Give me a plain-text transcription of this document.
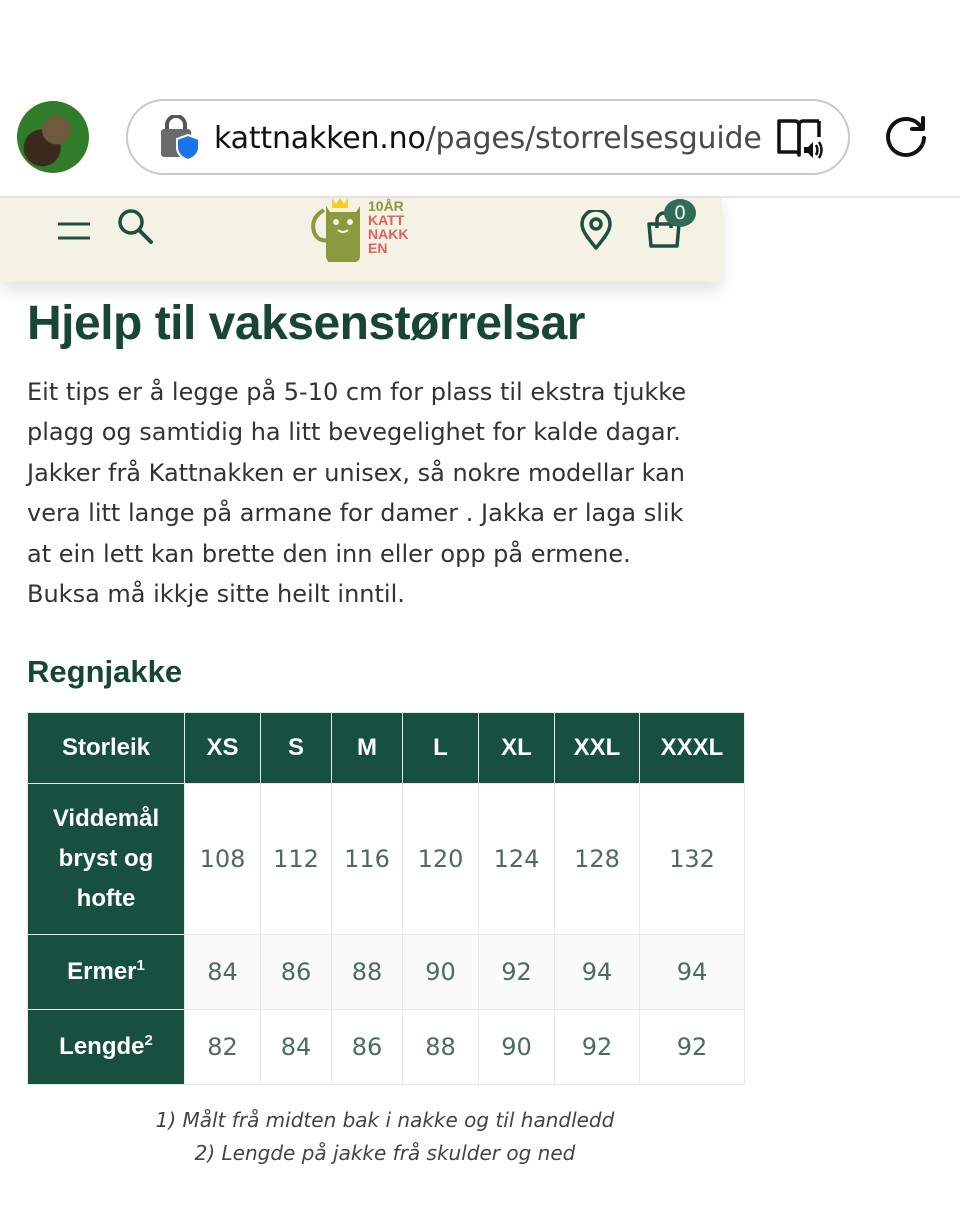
kattnakken.no/pages/storrelsesguide
10ÅR
KATT
NAKK
EN
0
Hjelp til vaksenstørrelsar

Eit tips er å legge på 5-10 cm for plass til ekstra tjukke

plagg og samtidig ha litt bevegelighet for kalde dagar.

Jakker frå Kattnakken er unisex, så nokre modellar kan

vera litt lange på armane for damer . Jakka er laga slik

at ein lett kan brette den inn eller opp på ermene.

Buksa må ikkje sitte heilt inntil.

Regnjakke
Storleik	XS	S	M	L	XL	XXL	XXXL

Viddemål
bryst og
hofte	108	112	116	120	124	128	132
Ermer$^1$	84	86	88	90	92	94	94
Lengde$^2$	82	84	86	88	90	92	92
1) Målt frå midten bak i nakke og til handledd
2) Lengde på jakke frå skulder og ned
